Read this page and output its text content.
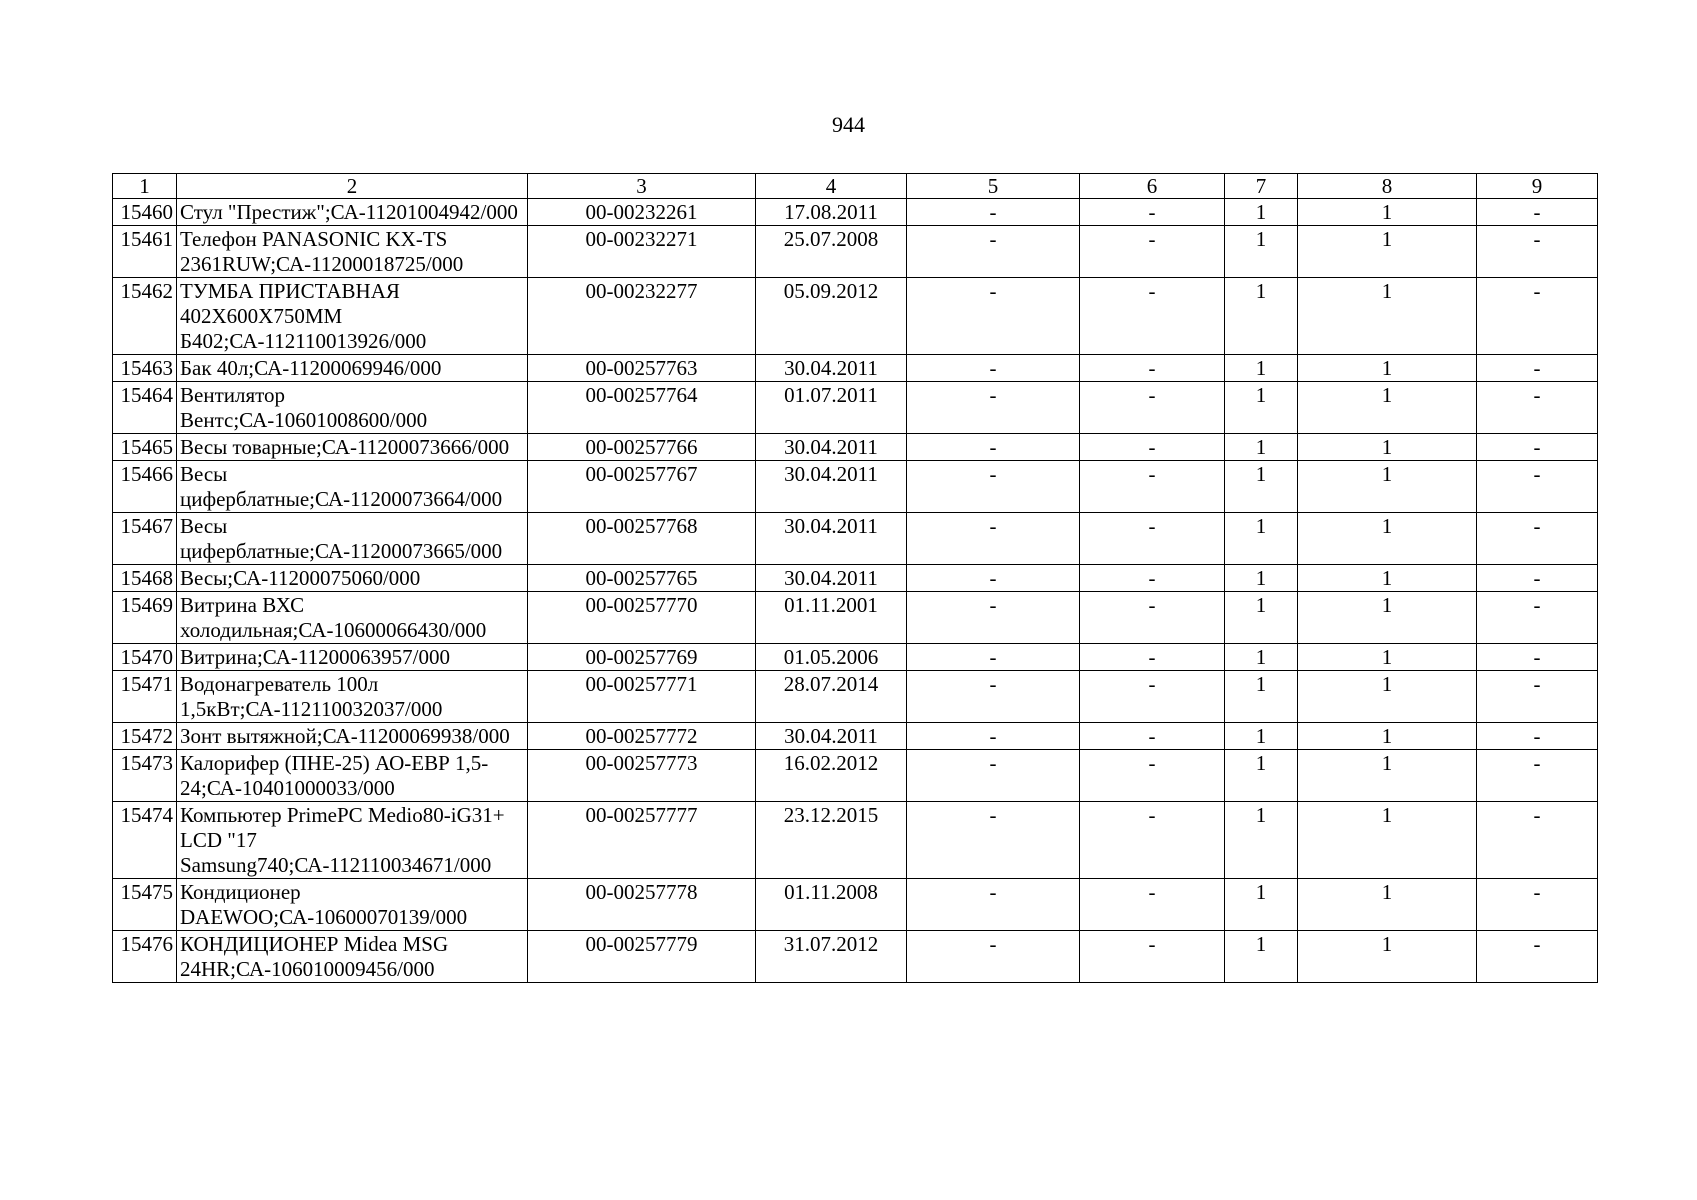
944
1	2	3	4	5	6	7	8	9
15460	Стул "Престиж";СА-11201004942/000	00-00232261	17.08.2011	-	-	1	1	-
15461	Телефон PANASONIC KX-TS 2361RUW;СА-11200018725/000	00-00232271	25.07.2008	-	-	1	1	-
15462	ТУМБА ПРИСТАВНАЯ 402Х600Х750ММ Б402;СА-112110013926/000	00-00232277	05.09.2012	-	-	1	1	-
15463	Бак 40л;СА-11200069946/000	00-00257763	30.04.2011	-	-	1	1	-
15464	Вентилятор Вентс;СА-10601008600/000	00-00257764	01.07.2011	-	-	1	1	-
15465	Весы товарные;СА-11200073666/000	00-00257766	30.04.2011	-	-	1	1	-
15466	Весы циферблатные;СА-11200073664/000	00-00257767	30.04.2011	-	-	1	1	-
15467	Весы циферблатные;СА-11200073665/000	00-00257768	30.04.2011	-	-	1	1	-
15468	Весы;СА-11200075060/000	00-00257765	30.04.2011	-	-	1	1	-
15469	Витрина ВХС холодильная;СА-10600066430/000	00-00257770	01.11.2001	-	-	1	1	-
15470	Витрина;СА-11200063957/000	00-00257769	01.05.2006	-	-	1	1	-
15471	Водонагреватель 100л 1,5кВт;СА-112110032037/000	00-00257771	28.07.2014	-	-	1	1	-
15472	Зонт вытяжной;СА-11200069938/000	00-00257772	30.04.2011	-	-	1	1	-
15473	Калорифер (ПНЕ-25) АО-ЕВР 1,5-24;СА-10401000033/000	00-00257773	16.02.2012	-	-	1	1	-
15474	Компьютер PrimePC Medio80-iG31+ LCD "17 Samsung740;СА-112110034671/000	00-00257777	23.12.2015	-	-	1	1	-
15475	Кондиционер DAEWOO;СА-10600070139/000	00-00257778	01.11.2008	-	-	1	1	-
15476	КОНДИЦИОНЕР Midea MSG 24HR;СА-106010009456/000	00-00257779	31.07.2012	-	-	1	1	-
